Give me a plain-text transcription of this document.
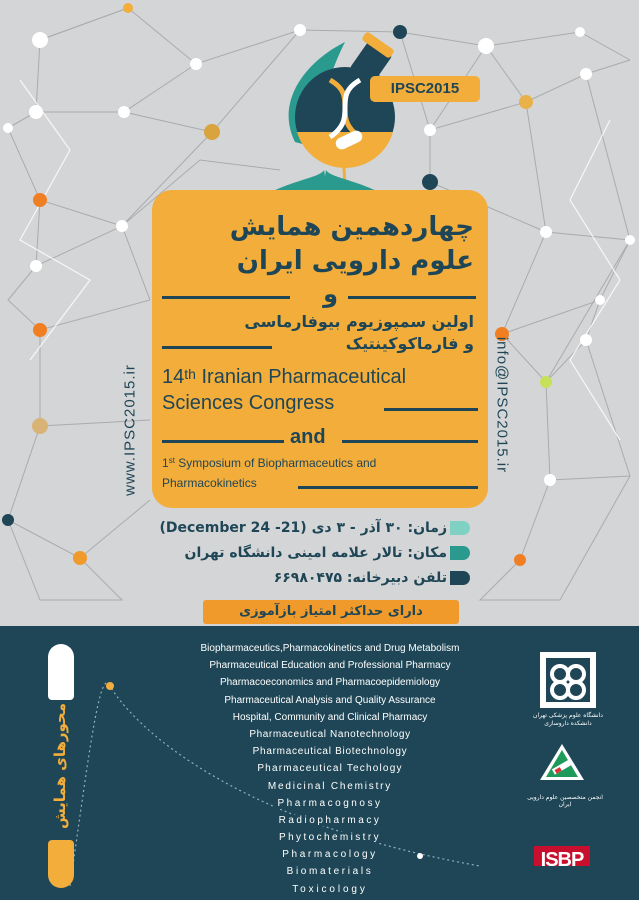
IPSC2015
چهاردهمین همایش
علوم دارویی ایران
و
اولین سمپوزیوم بیوفارماسی
و فارماکوکینتیک
14th Iranian Pharmaceutical
Sciences Congress
and
1st Symposium of Biopharmaceutics and
Pharmacokinetics
www.IPSC2015.ir	info@IPSC2015.ir
زمان: ۳۰ آذر - ۳ دی (21- 24 December)
مکان: تالار علامه امینی دانشگاه تهران
تلفن دبیرخانه: ۶۶۹۸۰۴۷۵
دارای حداکثر امتیاز بازآموزی
محورهای همایش
Biopharmaceutics,Pharmacokinetics and Drug Metabolism
Pharmaceutical Education and Professional Pharmacy
Pharmacoeconomics and Pharmacoepidemiology
Pharmaceutical Analysis and Quality Assurance
Hospital, Community and Clinical Pharmacy
Pharmaceutical Nanotechnology
Pharmaceutical Biotechnology
Pharmaceutical Techology
Medicinal Chemistry
Pharmacognosy
Radiopharmacy
Phytochemistry
Pharmacology
Biomaterials
Toxicology
دانشگاه علوم پزشکی تهران دانشکده داروسازی
انجمن متخصصین علوم دارویی ایران
ISBP
